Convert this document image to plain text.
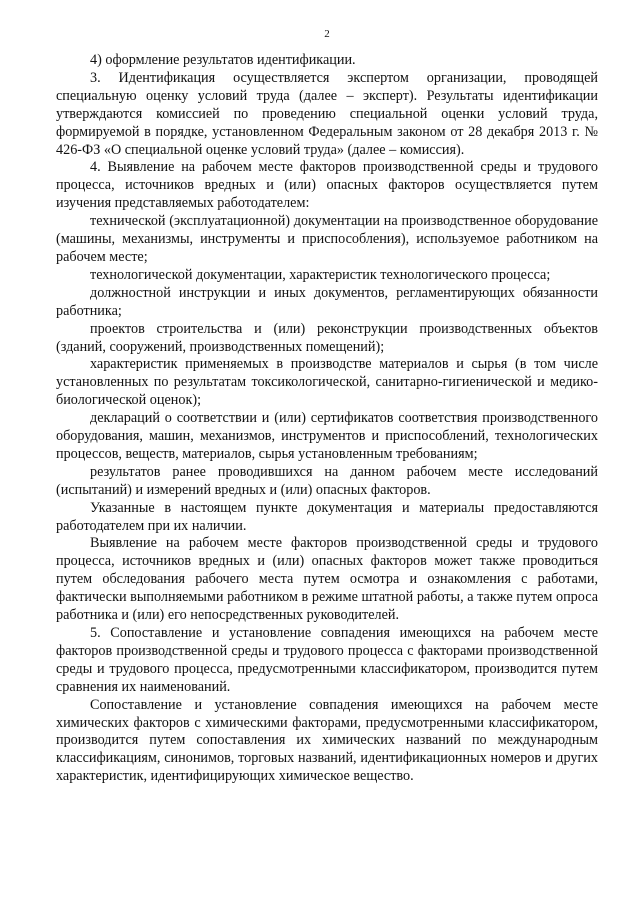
2

4) оформление результатов идентификации.

3. Идентификация осуществляется экспертом организации, проводящей специальную оценку условий труда (далее – эксперт). Результаты идентификации утверждаются комиссией по проведению специальной оценки условий труда, формируемой в порядке, установленном Федеральным законом от 28 декабря 2013 г. № 426-ФЗ «О специальной оценке условий труда» (далее – комиссия).

4. Выявление на рабочем месте факторов производственной среды и трудового процесса, источников вредных и (или) опасных факторов осуществляется путем изучения представляемых работодателем:

технической (эксплуатационной) документации на производственное оборудование (машины, механизмы, инструменты и приспособления), используемое работником на рабочем месте;

технологической документации, характеристик технологического процесса;

должностной инструкции и иных документов, регламентирующих обязанности работника;

проектов строительства и (или) реконструкции производственных объектов (зданий, сооружений, производственных помещений);

характеристик применяемых в производстве материалов и сырья (в том числе установленных по результатам токсикологической, санитарно-гигиенической и медико-биологической оценок);

деклараций о соответствии и (или) сертификатов соответствия производственного оборудования, машин, механизмов, инструментов и приспособлений, технологических процессов, веществ, материалов, сырья установленным требованиям;

результатов ранее проводившихся на данном рабочем месте исследований (испытаний) и измерений вредных и (или) опасных факторов.

Указанные в настоящем пункте документация и материалы предоставляются работодателем при их наличии.

Выявление на рабочем месте факторов производственной среды и трудового процесса, источников вредных и (или) опасных факторов может также проводиться путем обследования рабочего места путем осмотра и ознакомления с работами, фактически выполняемыми работником в режиме штатной работы, а также путем опроса работника и (или) его непосредственных руководителей.

5. Сопоставление и установление совпадения имеющихся на рабочем месте факторов производственной среды и трудового процесса с факторами производственной среды и трудового процесса, предусмотренными классификатором, производится путем сравнения их наименований.

Сопоставление и установление совпадения имеющихся на рабочем месте химических факторов с химическими факторами, предусмотренными классификатором, производится путем сопоставления их химических названий по международным классификациям, синонимов, торговых названий, идентификационных номеров и других характеристик, идентифицирующих химическое вещество.
